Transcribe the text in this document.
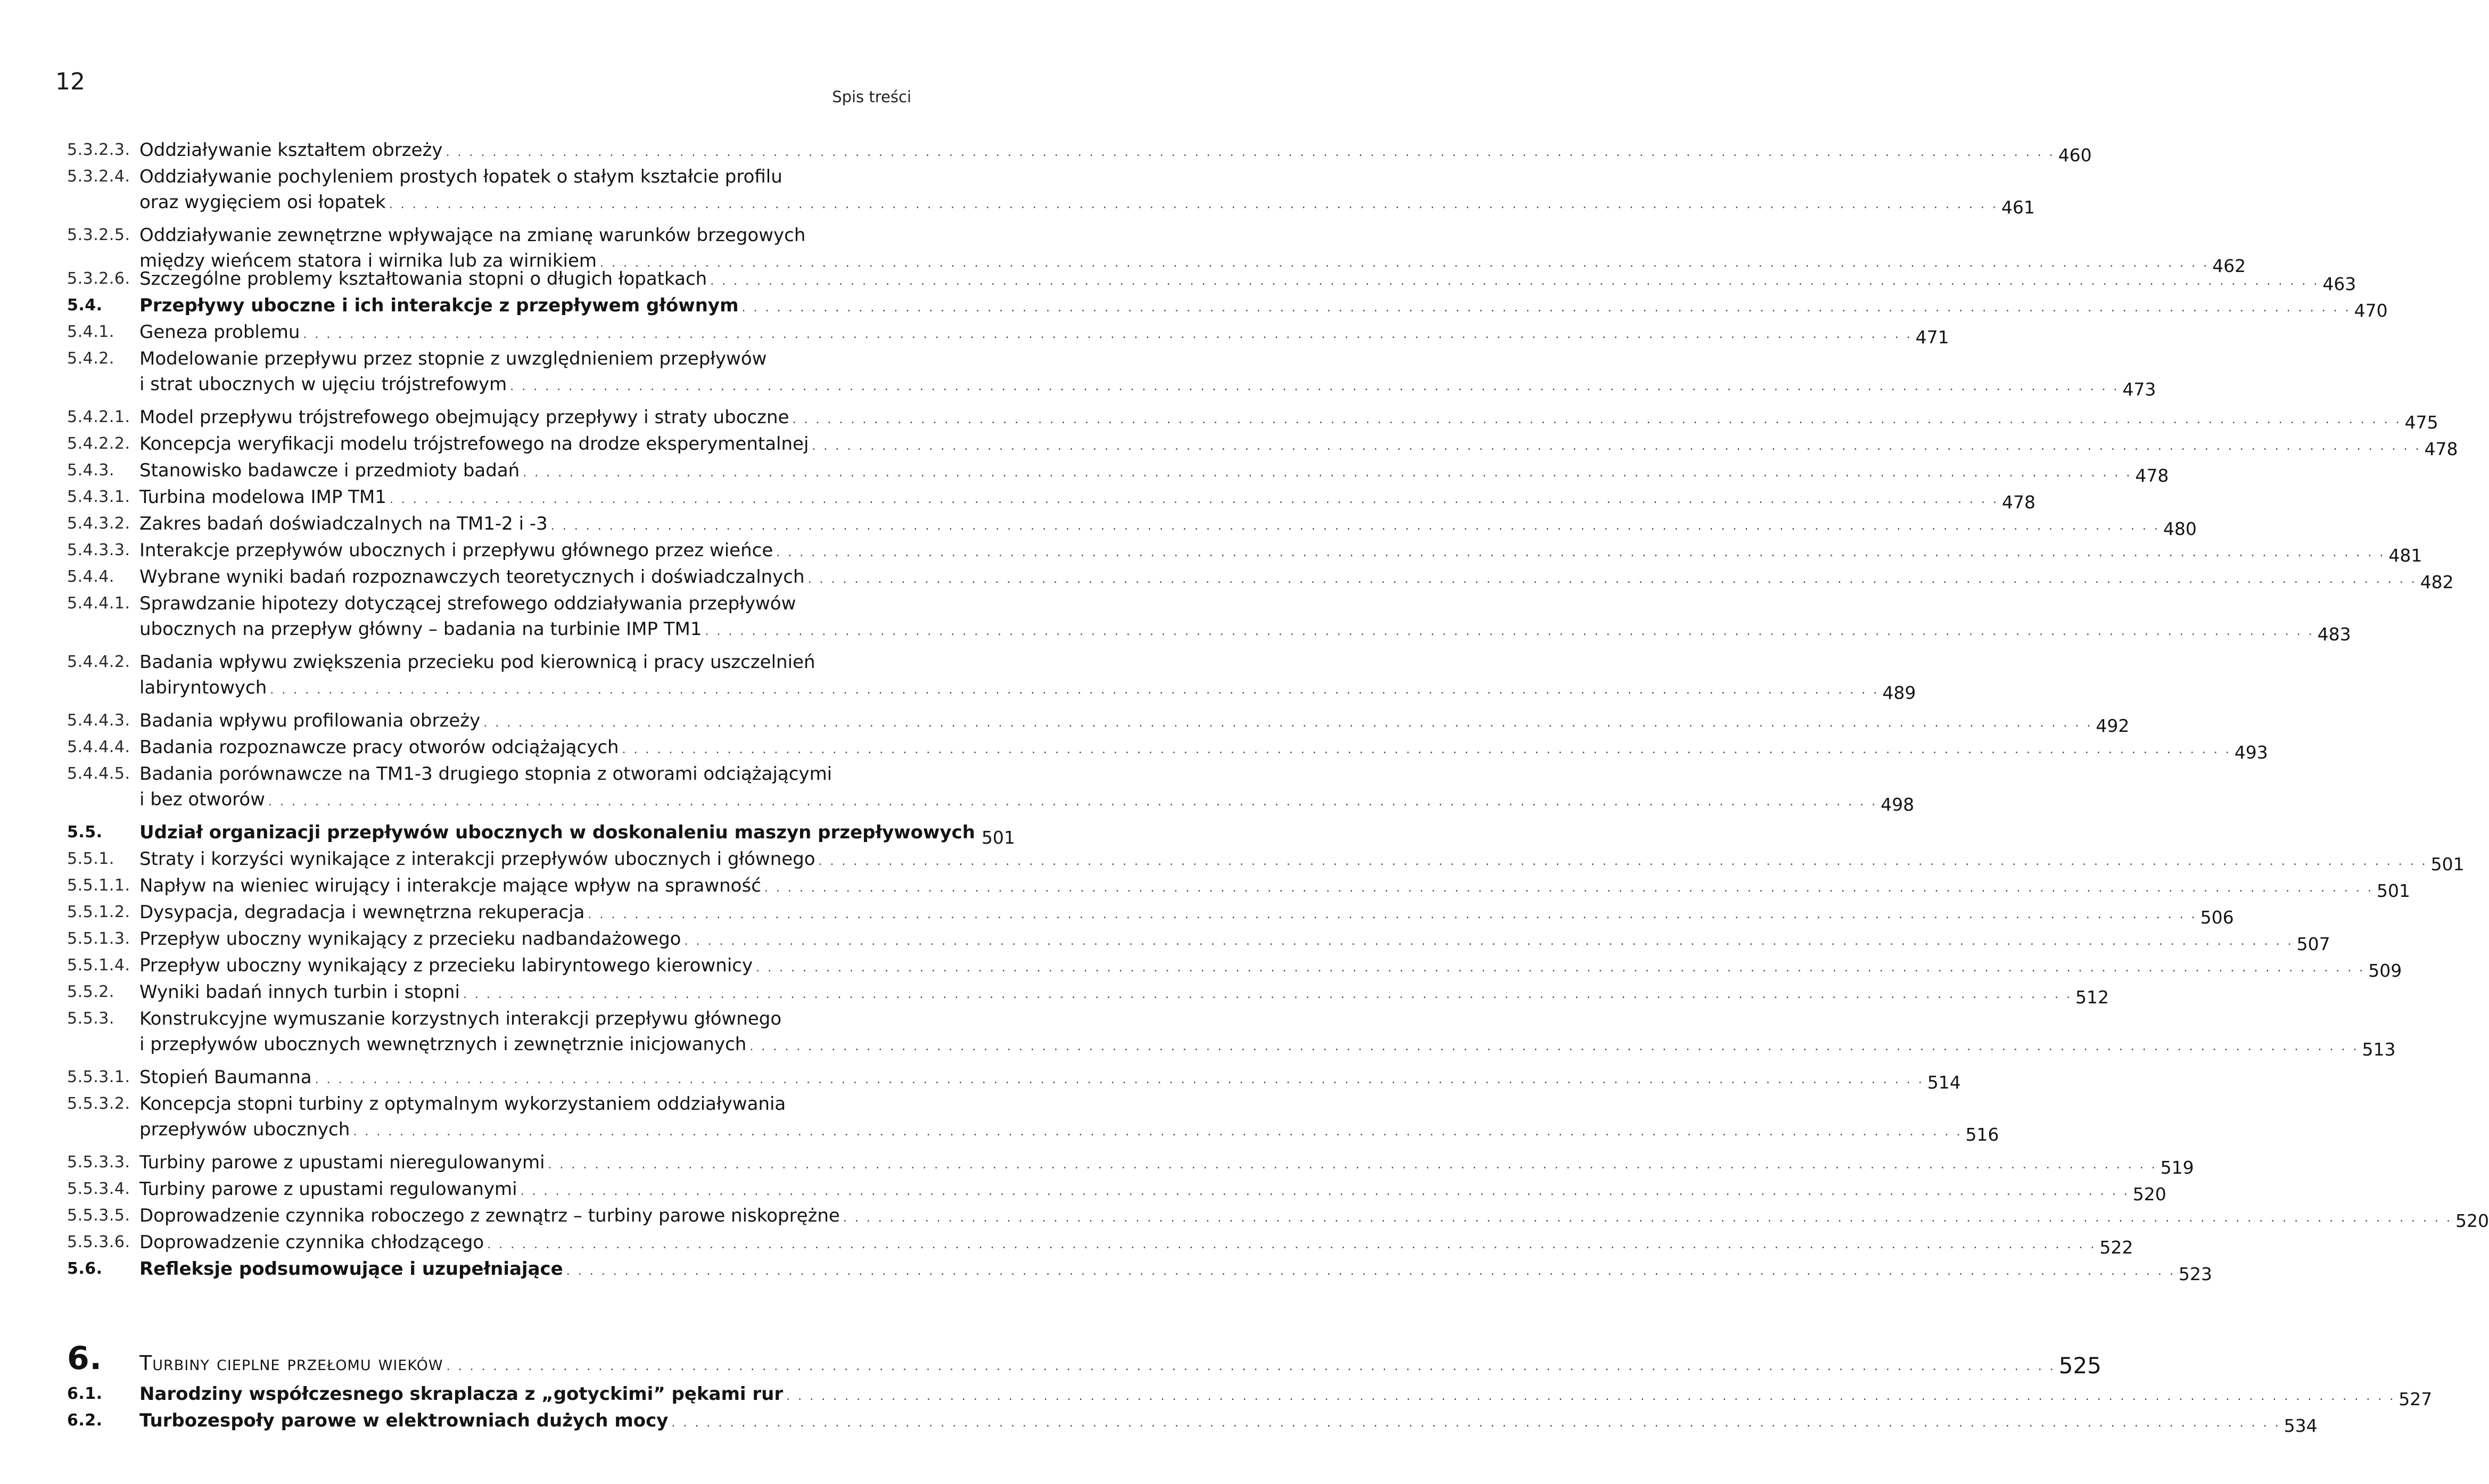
12
Spis treści
5.3.2.3. Oddziaływanie kształtem obrzeży . . .	460
5.3.2.4. Oddziaływanie pochyleniem prostych łopatek o stałym kształcie profilu
oraz wygięciem osi łopatek . . .	461
5.3.2.5. Oddziaływanie zewnętrzne wpływające na zmianę warunków brzegowych
między wieńcem statora i wirnika lub za wirnikiem . . .	462
5.3.2.6. Szczególne problemy kształtowania stopni o długich łopatkach . . .	463
5.4. Przepływy uboczne i ich interakcje z przepływem głównym . . .	470
5.4.1. Geneza problemu . . .	471
5.4.2. Modelowanie przepływu przez stopnie z uwzględnieniem przepływów
i strat ubocznych w ujęciu trójstrefowym . . .	473
5.4.2.1. Model przepływu trójstrefowego obejmujący przepływy i straty uboczne . . .	475
5.4.2.2. Koncepcja weryfikacji modelu trójstrefowego na drodze eksperymentalnej . . .	478
5.4.3. Stanowisko badawcze i przedmioty badań . . .	478
5.4.3.1. Turbina modelowa IMP TM1 . . .	478
5.4.3.2. Zakres badań doświadczalnych na TM1-2 i -3 . . .	480
5.4.3.3. Interakcje przepływów ubocznych i przepływu głównego przez wieńce . . .	481
5.4.4. Wybrane wyniki badań rozpoznawczych teoretycznych i doświadczalnych . . .	482
5.4.4.1. Sprawdzanie hipotezy dotyczącej strefowego oddziaływania przepływów
ubocznych na przepływ główny – badania na turbinie IMP TM1 . . .	483
5.4.4.2. Badania wpływu zwiększenia przecieku pod kierownicą i pracy uszczelnień
labiryntowych . . .	489
5.4.4.3. Badania wpływu profilowania obrzeży . . .	492
5.4.4.4. Badania rozpoznawcze pracy otworów odciążających . . .	493
5.4.4.5. Badania porównawcze na TM1-3 drugiego stopnia z otworami odciążającymi
i bez otworów . . .	498
5.5. Udział organizacji przepływów ubocznych w doskonaleniu maszyn przepływowych 501
5.5.1. Straty i korzyści wynikające z interakcji przepływów ubocznych i głównego . . .	501
5.5.1.1. Napływ na wieniec wirujący i interakcje mające wpływ na sprawność . . .	501
5.5.1.2. Dysypacja, degradacja i wewnętrzna rekuperacja . . .	506
5.5.1.3. Przepływ uboczny wynikający z przecieku nadbandażowego . . .	507
5.5.1.4. Przepływ uboczny wynikający z przecieku labiryntowego kierownicy . . .	509
5.5.2. Wyniki badań innych turbin i stopni . . .	512
5.5.3. Konstrukcyjne wymuszanie korzystnych interakcji przepływu głównego
i przepływów ubocznych wewnętrznych i zewnętrznie inicjowanych . . .	513
5.5.3.1. Stopień Baumanna . . .	514
5.5.3.2. Koncepcja stopni turbiny z optymalnym wykorzystaniem oddziaływania
przepływów ubocznych . . .	516
5.5.3.3. Turbiny parowe z upustami nieregulowanymi . . .	519
5.5.3.4. Turbiny parowe z upustami regulowanymi . . .	520
5.5.3.5. Doprowadzenie czynnika roboczego z zewnątrz – turbiny parowe niskoprężne . . .	520
5.5.3.6. Doprowadzenie czynnika chłodzącego . . .	522
5.6. Refleksje podsumowujące i uzupełniające . . .	523
6. Turbiny cieplne przełomu wieków . . .	525
6.1. Narodziny współczesnego skraplacza z „gotyckimi” pękami rur . . .	527
6.2. Turbozespoły parowe w elektrowniach dużych mocy . . .	534
